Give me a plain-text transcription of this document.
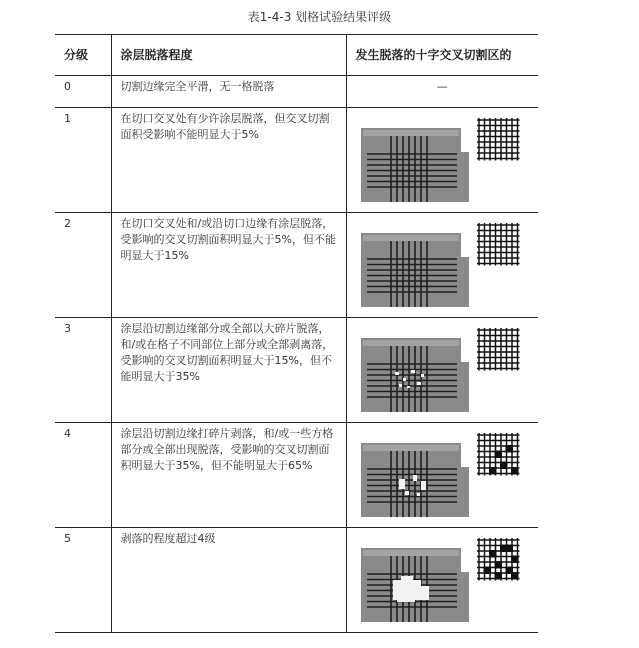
表1-4-3 划格试验结果评级
分级	涂层脱落程度	发生脱落的十字交叉切割区的
0	切割边缘完全平滑，无一格脱落	—
1	在切口交叉处有少许涂层脱落，但交叉切割面积受影响不能明显大于5%	

2	在切口交叉处和/或沿切口边缘有涂层脱落，受影响的交叉切割面积明显大于5%，但不能明显大于15%	

3	涂层沿切割边缘部分或全部以大碎片脱落，和/或在格子不同部位上部分或全部剥离落，受影响的交叉切割面积明显大于15%，但不能明显大于35%	

4	涂层沿切割边缘打碎片剥落，和/或一些方格部分或全部出现脱落，受影响的交叉切割面积明显大于35%，但不能明显大于65%	

5	剥落的程度超过4级	
